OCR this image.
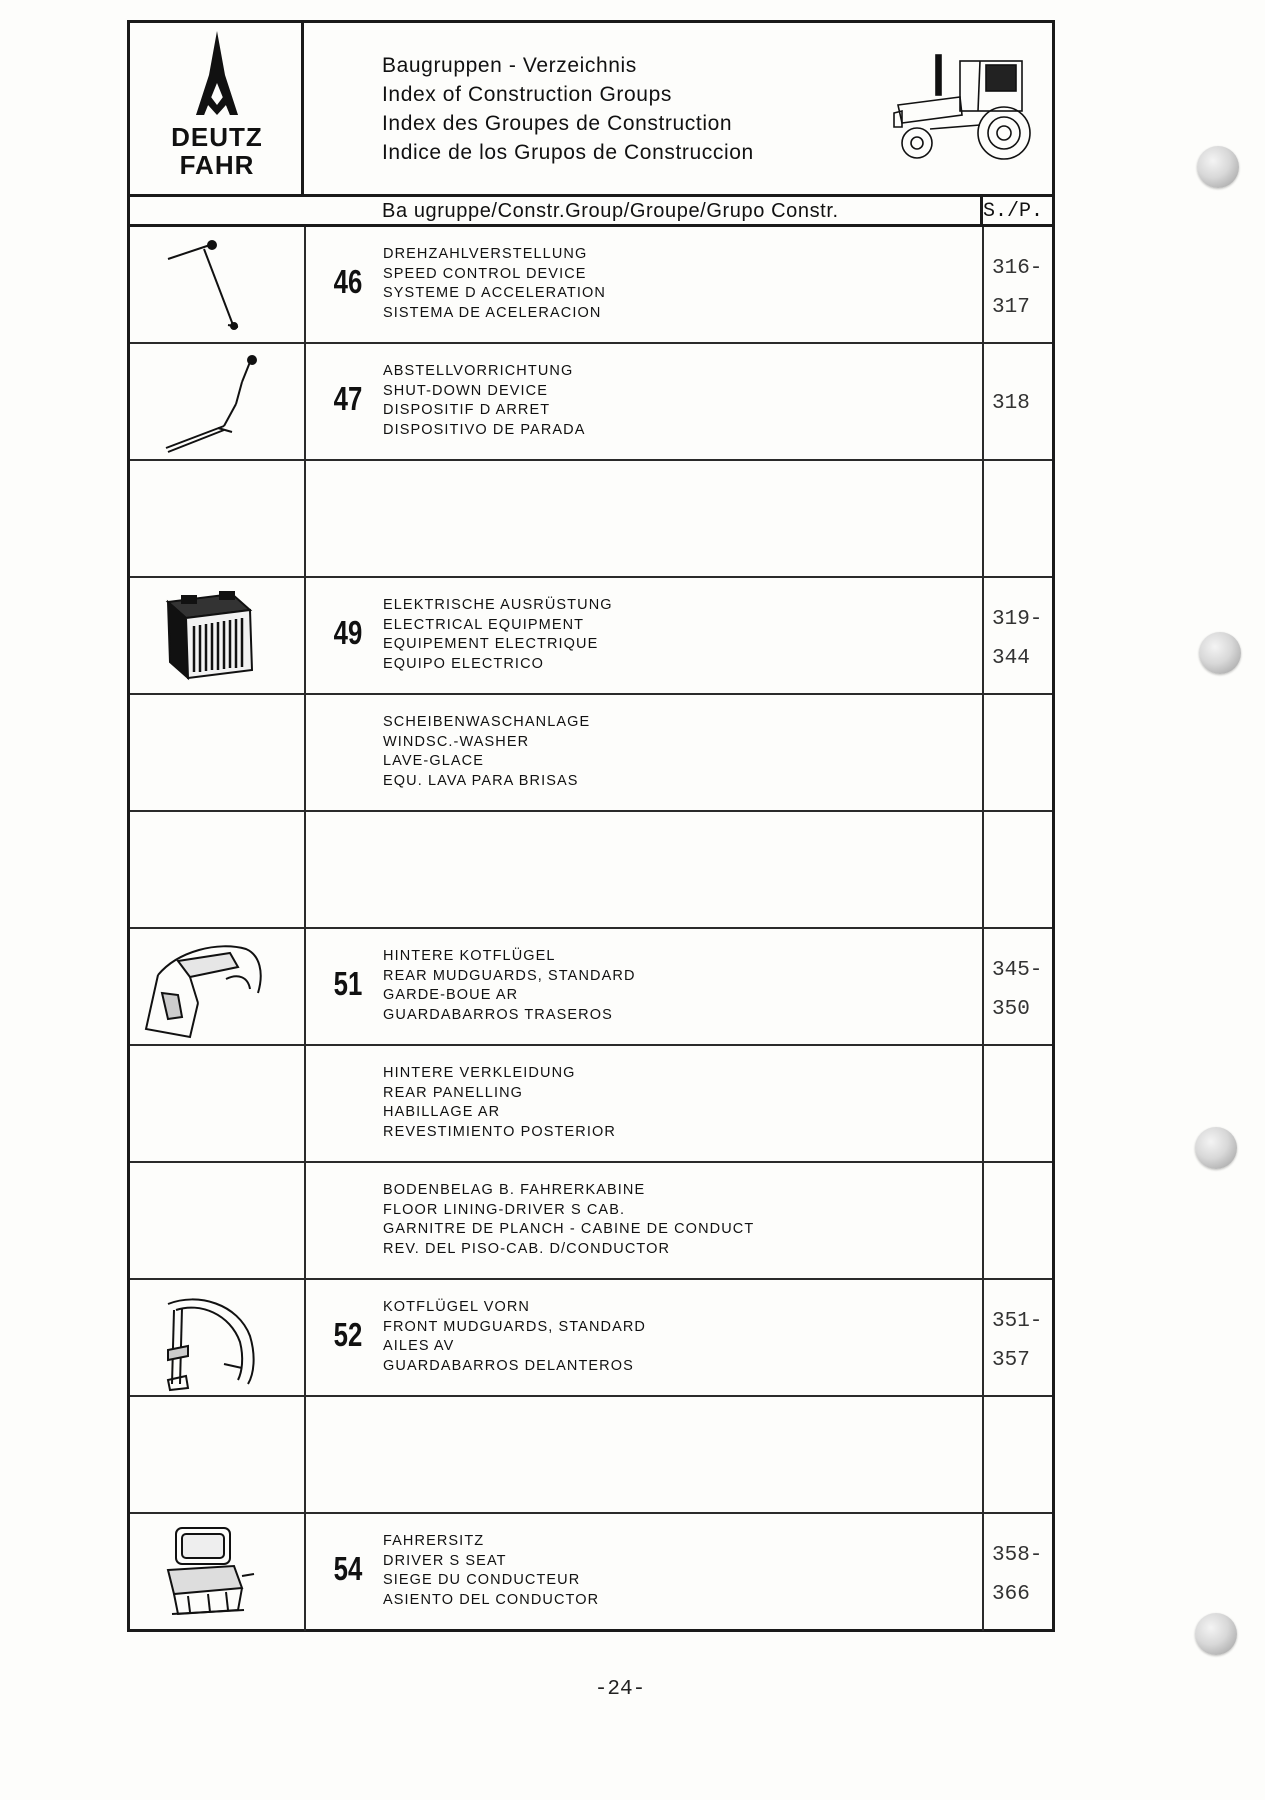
DEUTZ
FAHR
Baugruppen - Verzeichnis
Index of Construction Groups
Index des Groupes de Construction
Indice de los Grupos de Construccion
Ba ugruppe/Constr.Group/Groupe/Grupo Constr.	S./P.
46
DREHZAHLVERSTELLUNG
SPEED CONTROL DEVICE
SYSTEME D ACCELERATION
SISTEMA DE ACELERACION
316-
317
47
ABSTELLVORRICHTUNG
SHUT-DOWN DEVICE
DISPOSITIF D ARRET
DISPOSITIVO DE PARADA
318
49
ELEKTRISCHE AUSRÜSTUNG
ELECTRICAL EQUIPMENT
EQUIPEMENT ELECTRIQUE
EQUIPO ELECTRICO
319-
344
SCHEIBENWASCHANLAGE
WINDSC.-WASHER
LAVE-GLACE
EQU. LAVA PARA BRISAS
51
HINTERE KOTFLÜGEL
REAR MUDGUARDS, STANDARD
GARDE-BOUE AR
GUARDABARROS TRASEROS
345-
350
HINTERE VERKLEIDUNG
REAR PANELLING
HABILLAGE AR
REVESTIMIENTO POSTERIOR
BODENBELAG B. FAHRERKABINE
FLOOR LINING-DRIVER S CAB.
GARNITRE DE PLANCH - CABINE DE CONDUCT
REV. DEL PISO-CAB. D/CONDUCTOR
52
KOTFLÜGEL VORN
FRONT MUDGUARDS, STANDARD
AILES AV
GUARDABARROS DELANTEROS
351-
357
54
FAHRERSITZ
DRIVER S SEAT
SIEGE DU CONDUCTEUR
ASIENTO DEL CONDUCTOR
358-
366
-24-
